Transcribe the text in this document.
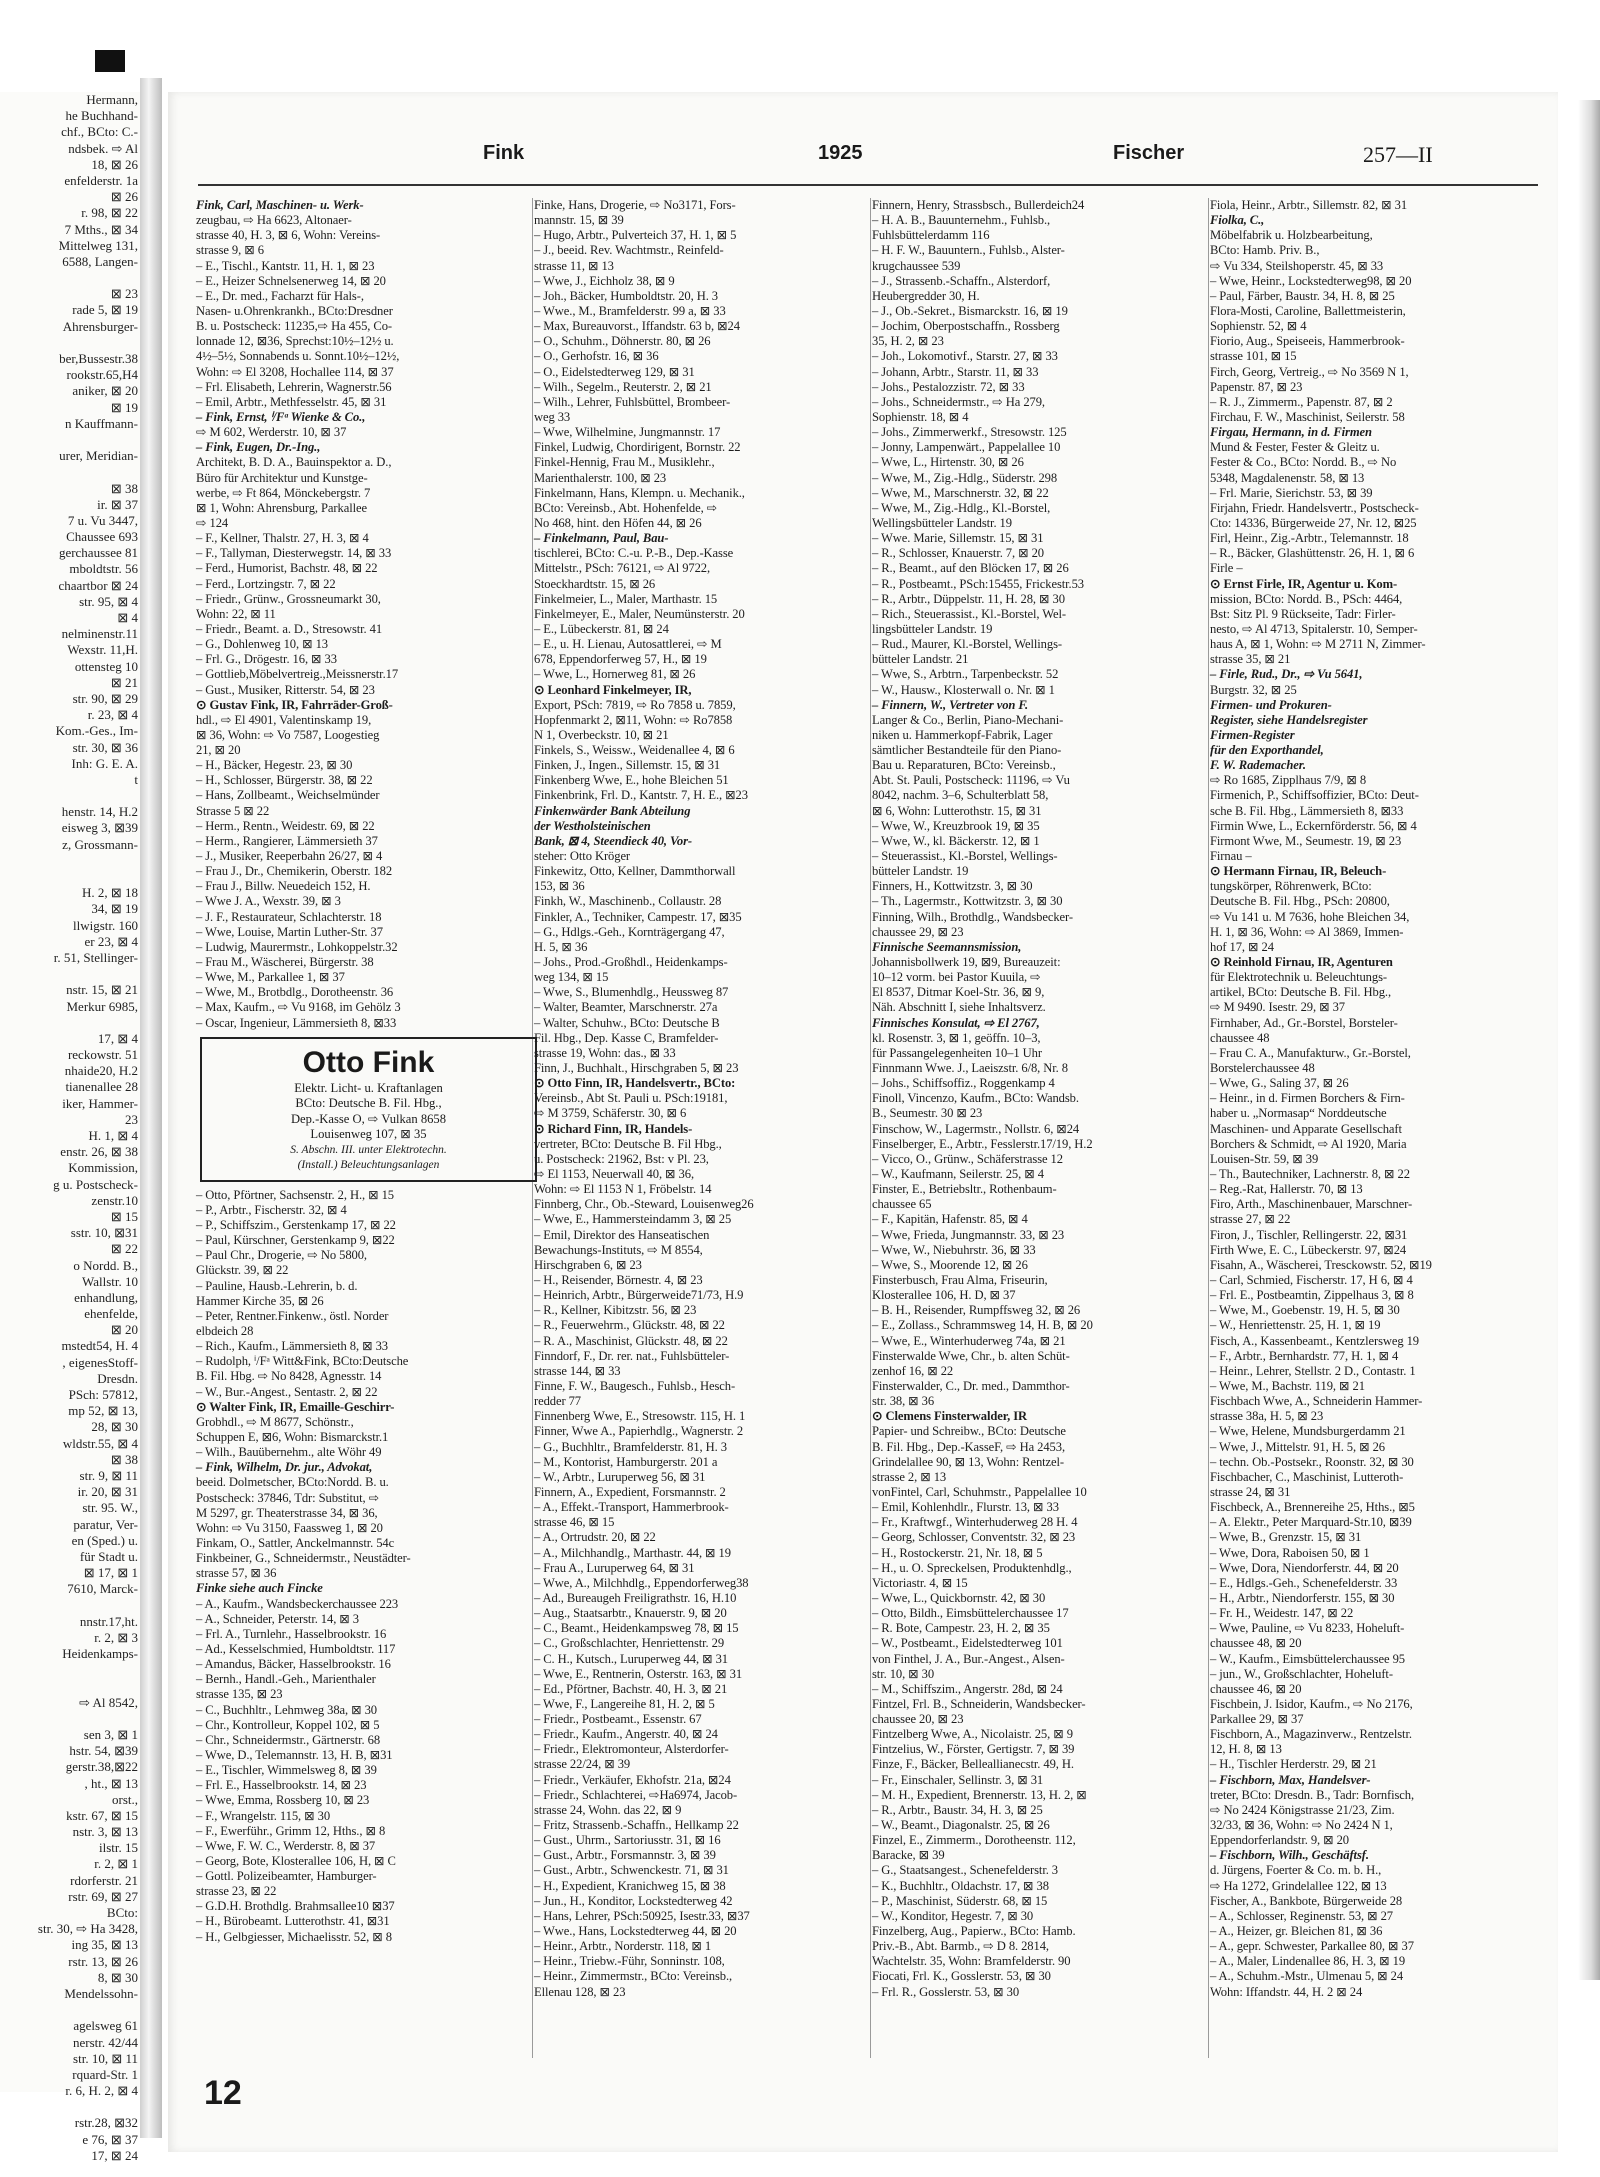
Hermann,
he Buchhand-
chf., BCto: C.-
ndsbek. ⇨ Al
18, ⊠ 26
enfelderstr. 1a
⊠ 26
r. 98, ⊠ 22
7 Mths., ⊠ 34
Mittelweg 131,
6588, Langen-
⊠ 23
rade 5, ⊠ 19
Ahrensburger-
ber,Bussestr.38
rookstr.65,H4
aniker, ⊠ 20
⊠ 19
n Kauffmann-
urer, Meridian-
⊠ 38
ir. ⊠ 37
7 u. Vu 3447,
Chaussee 693
gerchaussee 81
mboldtstr. 56
chaartbor ⊠ 24
str. 95, ⊠ 4
⊠ 4
nelminenstr.11
Wexstr. 11,H.
ottensteg 10
⊠ 21
str. 90, ⊠ 29
r. 23, ⊠ 4
Kom.-Ges., Im-
str. 30, ⊠ 36
Inh: G. E. A.
t
henstr. 14, H.2
eisweg 3, ⊠39
z, Grossmann-
H. 2, ⊠ 18
34, ⊠ 19
llwigstr. 160
er 23, ⊠ 4
r. 51, Stellinger-
nstr. 15, ⊠ 21
Merkur 6985,
17, ⊠ 4
reckowstr. 51
nhaide20, H.2
tianenallee 28
iker, Hammer-
23
H. 1, ⊠ 4
enstr. 26, ⊠ 38
Kommission,
g u. Postscheck-
zenstr.10
⊠ 15
sstr. 10, ⊠31
⊠ 22
o Nordd. B.,
Wallstr. 10
enhandlung,
ehenfelde,
⊠ 20
mstedt54, H. 4
, eigenesStoff-
Dresdn.
PSch: 57812,
mp 52, ⊠ 13,
28, ⊠ 30
wldstr.55, ⊠ 4
⊠ 38
str. 9, ⊠ 11
ir. 20, ⊠ 31
str. 95. W.,
paratur, Ver-
en (Sped.) u.
für Stadt u.
⊠ 17, ⊠ 1
7610, Marck-
nnstr.17,ht.
r. 2, ⊠ 3
Heidenkamps-
⇨ Al 8542,
sen 3, ⊠ 1
hstr. 54, ⊠39
gerstr.38,⊠22
, ht., ⊠ 13
orst.,
kstr. 67, ⊠ 15
nstr. 3, ⊠ 13
ilstr. 15
r. 2, ⊠ 1
rdorferstr. 21
rstr. 69, ⊠ 27
BCto:
str. 30, ⇨ Ha 3428,
ing 35, ⊠ 13
rstr. 13, ⊠ 26
8, ⊠ 30
Mendelssohn-
agelsweg 61
nerstr. 42/44
str. 10, ⊠ 11
rquard-Str. 1
r. 6, H. 2, ⊠ 4
rstr.28, ⊠32
e 76, ⊠ 37
17, ⊠ 24
Fink	1925	Fischer	257—II
Fink, Carl, Maschinen- u. Werk-
zeugbau, ⇨ Ha 6623, Altonaer-
strasse 40, H. 3, ⊠ 6, Wohn: Vereins-
strasse 9, ⊠ 6
– E., Tischl., Kantstr. 11, H. 1, ⊠ 23
– E., Heizer Schnelsenerweg 14, ⊠ 20
– E., Dr. med., Facharzt für Hals-,
Nasen- u.Ohrenkrankh., BCto:Dresdner
B. u. Postscheck: 11235,⇨ Ha 455, Co-
lonnade 12, ⊠36, Sprechst:10½–12½ u.
4½–5½, Sonnabends u. Sonnt.10½–12½,
Wohn: ⇨ El 3208, Hochallee 114, ⊠ 37
– Frl. Elisabeth, Lehrerin, Wagnerstr.56
– Emil, Arbtr., Methfesselstr. 45, ⊠ 31
– Fink, Ernst, ⁱ/Fᵃ Wienke & Co.,
⇨ M 602, Werderstr. 10, ⊠ 37
– Fink, Eugen, Dr.-Ing.,
Architekt, B. D. A., Bauinspektor a. D.,
Büro für Architektur und Kunstge-
werbe, ⇨ Ft 864, Mönckebergstr. 7
⊠ 1, Wohn: Ahrensburg, Parkallee
⇨ 124
– F., Kellner, Thalstr. 27, H. 3, ⊠ 4
– F., Tallyman, Diesterwegstr. 14, ⊠ 33
– Ferd., Humorist, Bachstr. 48, ⊠ 22
– Ferd., Lortzingstr. 7, ⊠ 22
– Friedr., Grünw., Grossneumarkt 30,
Wohn: 22, ⊠ 11
– Friedr., Beamt. a. D., Stresowstr. 41
– G., Dohlenweg 10, ⊠ 13
– Frl. G., Drögestr. 16, ⊠ 33
– Gottlieb,Möbelvertreig.,Meissnerstr.17
– Gust., Musiker, Ritterstr. 54, ⊠ 23
⊙ Gustav Fink, IR, Fahrräder-Groß-
hdl., ⇨ El 4901, Valentinskamp 19,
⊠ 36, Wohn: ⇨ Vo 7587, Loogestieg
21, ⊠ 20
– H., Bäcker, Hegestr. 23, ⊠ 30
– H., Schlosser, Bürgerstr. 38, ⊠ 22
– Hans, Zollbeamt., Weichselmünder
Strasse 5 ⊠ 22
– Herm., Rentn., Weidestr. 69, ⊠ 22
– Herm., Rangierer, Lämmersieth 37
– J., Musiker, Reeperbahn 26/27, ⊠ 4
– Frau J., Dr., Chemikerin, Oberstr. 182
– Frau J., Billw. Neuedeich 152, H.
– Wwe J. A., Wexstr. 39, ⊠ 3
– J. F., Restaurateur, Schlachterstr. 18
– Wwe, Louise, Martin Luther-Str. 37
– Ludwig, Maurermstr., Lohkoppelstr.32
– Frau M., Wäscherei, Bürgerstr. 38
– Wwe, M., Parkallee 1, ⊠ 37
– Wwe, M., Brotbdlg., Dorotheenstr. 36
– Max, Kaufm., ⇨ Vu 9168, im Gehölz 3
– Oscar, Ingenieur, Lämmersieth 8, ⊠33
Otto Fink
Elektr. Licht- u. Kraftanlagen
BCto: Deutsche B. Fil. Hbg.,
Dep.-Kasse O, ⇨ Vulkan 8658
Louisenweg 107, ⊠ 35
S. Abschn. III. unter Elektrotechn.
(Install.) Beleuchtungsanlagen
– Otto, Pförtner, Sachsenstr. 2, H., ⊠ 15
– P., Arbtr., Fischerstr. 32, ⊠ 4
– P., Schiffszim., Gerstenkamp 17, ⊠ 22
– Paul, Kürschner, Gerstenkamp 9, ⊠22
– Paul Chr., Drogerie, ⇨ No 5800,
Glückstr. 39, ⊠ 22
– Pauline, Hausb.-Lehrerin, b. d.
Hammer Kirche 35, ⊠ 26
– Peter, Rentner.Finkenw., östl. Norder
elbdeich 28
– Rich., Kaufm., Lämmersieth 8, ⊠ 33
– Rudolph, ⁱ/Fᵃ Witt&Fink, BCto:Deutsche
B. Fil. Hbg. ⇨ No 8428, Agnesstr. 14
– W., Bur.-Angest., Sentastr. 2, ⊠ 22
⊙ Walter Fink, IR, Emaille-Geschirr-
Grobhdl., ⇨ M 8677, Schönstr.,
Schuppen E, ⊠6, Wohn: Bismarckstr.1
– Wilh., Bauübernehm., alte Wöhr 49
– Fink, Wilhelm, Dr. jur., Advokat,
beeid. Dolmetscher, BCto:Nordd. B. u.
Postscheck: 37846, Tdr: Substitut, ⇨
M 5297, gr. Theaterstrasse 34, ⊠ 36,
Wohn: ⇨ Vu 3150, Faassweg 1, ⊠ 20
Finkam, O., Sattler, Anckelmannstr. 54c
Finkbeiner, G., Schneidermstr., Neustädter-
strasse 57, ⊠ 36
Finke siehe auch Fincke
– A., Kaufm., Wandsbeckerchaussee 223
– A., Schneider, Peterstr. 14, ⊠ 3
– Frl. A., Turnlehr., Hasselbrookstr. 16
– Ad., Kesselschmied, Humboldtstr. 117
– Amandus, Bäcker, Hasselbrookstr. 16
– Bernh., Handl.-Geh., Marienthaler
strasse 135, ⊠ 23
– C., Buchhltr., Lehmweg 38a, ⊠ 30
– Chr., Kontrolleur, Koppel 102, ⊠ 5
– Chr., Schneidermstr., Gärtnerstr. 68
– Wwe, D., Telemannstr. 13, H. B, ⊠31
– E., Tischler, Wimmelsweg 8, ⊠ 39
– Frl. E., Hasselbrookstr. 14, ⊠ 23
– Wwe, Emma, Rossberg 10, ⊠ 23
– F., Wrangelstr. 115, ⊠ 30
– F., Ewerführ., Grimm 12, Hths., ⊠ 8
– Wwe, F. W. C., Werderstr. 8, ⊠ 37
– Georg, Bote, Klosterallee 106, H, ⊠ C
– Gottl. Polizeibeamter, Hamburger-
strasse 23, ⊠ 22
– G.D.H. Brothdlg. Brahmsallee10 ⊠37
– H., Bürobeamt. Lutterothstr. 41, ⊠31
– H., Gelbgiesser, Michaelisstr. 52, ⊠ 8
Finke, Hans, Drogerie, ⇨ No3171, Fors-
mannstr. 15, ⊠ 39
– Hugo, Arbtr., Pulverteich 37, H. 1, ⊠ 5
– J., beeid. Rev. Wachtmstr., Reinfeld-
strasse 11, ⊠ 13
– Wwe, J., Eichholz 38, ⊠ 9
– Joh., Bäcker, Humboldtstr. 20, H. 3
– Wwe., M., Bramfelderstr. 99 a, ⊠ 33
– Max, Bureauvorst., Iffandstr. 63 b, ⊠24
– O., Schuhm., Döhnerstr. 80, ⊠ 26
– O., Gerhofstr. 16, ⊠ 36
– O., Eidelstedterweg 129, ⊠ 31
– Wilh., Segelm., Reuterstr. 2, ⊠ 21
– Wilh., Lehrer, Fuhlsbüttel, Brombeer-
weg 33
– Wwe, Wilhelmine, Jungmannstr. 17
Finkel, Ludwig, Chordirigent, Bornstr. 22
Finkel-Hennig, Frau M., Musiklehr.,
Marienthalerstr. 100, ⊠ 23
Finkelmann, Hans, Klempn. u. Mechanik.,
BCto: Vereinsb., Abt. Hohenfelde, ⇨
No 468, hint. den Höfen 44, ⊠ 26
– Finkelmann, Paul, Bau-
tischlerei, BCto: C.-u. P.-B., Dep.-Kasse
Mittelstr., PSch: 76121, ⇨ Al 9722,
Stoeckhardtstr. 15, ⊠ 26
Finkelmeier, L., Maler, Marthastr. 15
Finkelmeyer, E., Maler, Neumünsterstr. 20
– E., Lübeckerstr. 81, ⊠ 24
– E., u. H. Lienau, Autosattlerei, ⇨ M
678, Eppendorferweg 57, H., ⊠ 19
– Wwe, L., Hornerweg 81, ⊠ 26
⊙ Leonhard Finkelmeyer, IR,
Export, PSch: 7819, ⇨ Ro 7858 u. 7859,
Hopfenmarkt 2, ⊠11, Wohn: ⇨ Ro7858
N 1, Overbeckstr. 10, ⊠ 21
Finkels, S., Weissw., Weidenallee 4, ⊠ 6
Finken, J., Ingen., Sillemstr. 15, ⊠ 31
Finkenberg Wwe, E., hohe Bleichen 51
Finkenbrink, Frl. D., Kantstr. 7, H. E., ⊠23
Finkenwärder Bank Abteilung
der Westholsteinischen
Bank, ⊠ 4, Steendieck 40, Vor-
steher: Otto Kröger
Finkewitz, Otto, Kellner, Dammthorwall
153, ⊠ 36
Finkh, W., Maschinenb., Collaustr. 28
Finkler, A., Techniker, Campestr. 17, ⊠35
– G., Hdlgs.-Geh., Kornträgergang 47,
H. 5, ⊠ 36
– Johs., Prod.-Großhdl., Heidenkamps-
weg 134, ⊠ 15
– Wwe, S., Blumenhdlg., Heussweg 87
– Walter, Beamter, Marschnerstr. 27a
– Walter, Schuhw., BCto: Deutsche B
Fil. Hbg., Dep. Kasse C, Bramfelder-
strasse 19, Wohn: das., ⊠ 33
Finn, J., Buchhalt., Hirschgraben 5, ⊠ 23
⊙ Otto Finn, IR, Handelsvertr., BCto:
Vereinsb., Abt St. Pauli u. PSch:19181,
⇨ M 3759, Schäferstr. 30, ⊠ 6
⊙ Richard Finn, IR, Handels-
vertreter, BCto: Deutsche B. Fil Hbg.,
u. Postscheck: 21962, Bst: v Pl. 23,
⇨ El 1153, Neuerwall 40, ⊠ 36,
Wohn: ⇨ El 1153 N 1, Fröbelstr. 14
Finnberg, Chr., Ob.-Steward, Louisenweg26
– Wwe, E., Hammersteindamm 3, ⊠ 25
– Emil, Direktor des Hanseatischen
Bewachungs-Instituts, ⇨ M 8554,
Hirschgraben 6, ⊠ 23
– H., Reisender, Börnestr. 4, ⊠ 23
– Heinrich, Arbtr., Bürgerweide71/73, H.9
– R., Kellner, Kibitzstr. 56, ⊠ 23
– R., Feuerwehrm., Glückstr. 48, ⊠ 22
– R. A., Maschinist, Glückstr. 48, ⊠ 22
Finndorf, F., Dr. rer. nat., Fuhlsbütteler-
strasse 144, ⊠ 33
Finne, F. W., Baugesch., Fuhlsb., Hesch-
redder 77
Finnenberg Wwe, E., Stresowstr. 115, H. 1
Finner, Wwe A., Papierhdlg., Wagnerstr. 2
– G., Buchhltr., Bramfelderstr. 81, H. 3
– M., Kontorist, Hamburgerstr. 201 a
– W., Arbtr., Luruperweg 56, ⊠ 31
Finnern, A., Expedient, Forsmannstr. 2
– A., Effekt.-Transport, Hammerbrook-
strasse 46, ⊠ 15
– A., Ortrudstr. 20, ⊠ 22
– A., Milchhandlg., Marthastr. 44, ⊠ 19
– Frau A., Luruperweg 64, ⊠ 31
– Wwe, A., Milchhdlg., Eppendorferweg38
– Ad., Bureaugeh Freiligrathstr. 16, H.10
– Aug., Staatsarbtr., Knauerstr. 9, ⊠ 20
– C., Beamt., Heidenkampsweg 78, ⊠ 15
– C., Großschlachter, Henriettenstr. 29
– C. H., Kutsch., Luruperweg 44, ⊠ 31
– Wwe, E., Rentnerin, Osterstr. 163, ⊠ 31
– Ed., Pförtner, Bachstr. 40, H. 3, ⊠ 21
– Wwe, F., Langereihe 81, H. 2, ⊠ 5
– Friedr., Postbeamt., Essenstr. 67
– Friedr., Kaufm., Angerstr. 40, ⊠ 24
– Friedr., Elektromonteur, Alsterdorfer-
strasse 22/24, ⊠ 39
– Friedr., Verkäufer, Ekhofstr. 21a, ⊠24
– Friedr., Schlachterei, ⇨Ha6974, Jacob-
strasse 24, Wohn. das 22, ⊠ 9
– Fritz, Strassenb.-Schaffn., Hellkamp 22
– Gust., Uhrm., Sartoriusstr. 31, ⊠ 16
– Gust., Arbtr., Forsmannstr. 3, ⊠ 39
– Gust., Arbtr., Schwenckestr. 71, ⊠ 31
– H., Expedient, Kranichweg 15, ⊠ 38
– Jun., H., Konditor, Lockstedterweg 42
– Hans, Lehrer, PSch:50925, Isestr.33, ⊠37
– Wwe., Hans, Lockstedterweg 44, ⊠ 20
– Heinr., Arbtr., Norderstr. 118, ⊠ 1
– Heinr., Triebw.-Führ, Sonninstr. 108,
– Heinr., Zimmermstr., BCto: Vereinsb.,
Ellenau 128, ⊠ 23
Finnern, Henry, Strassbsch., Bullerdeich24
– H. A. B., Bauunternehm., Fuhlsb.,
Fuhlsbüttelerdamm 116
– H. F. W., Bauuntern., Fuhlsb., Alster-
krugchaussee 539
– J., Strassenb.-Schaffn., Alsterdorf,
Heubergredder 30, H.
– J., Ob.-Sekret., Bismarckstr. 16, ⊠ 19
– Jochim, Oberpostschaffn., Rossberg
35, H. 2, ⊠ 23
– Joh., Lokomotivf., Starstr. 27, ⊠ 33
– Johann, Arbtr., Starstr. 11, ⊠ 33
– Johs., Pestalozzistr. 72, ⊠ 33
– Johs., Schneidermstr., ⇨ Ha 279,
Sophienstr. 18, ⊠ 4
– Johs., Zimmerwerkf., Stresowstr. 125
– Jonny, Lampenwärt., Pappelallee 10
– Wwe, L., Hirtenstr. 30, ⊠ 26
– Wwe, M., Zig.-Hdlg., Süderstr. 298
– Wwe, M., Marschnerstr. 32, ⊠ 22
– Wwe, M., Zig.-Hdlg., Kl.-Borstel,
Wellingsbütteler Landstr. 19
– Wwe. Marie, Sillemstr. 15, ⊠ 31
– R., Schlosser, Knauerstr. 7, ⊠ 20
– R., Beamt., auf den Blöcken 17, ⊠ 26
– R., Postbeamt., PSch:15455, Frickestr.53
– R., Arbtr., Düppelstr. 11, H. 28, ⊠ 30
– Rich., Steuerassist., Kl.-Borstel, Wel-
lingsbütteler Landstr. 19
– Rud., Maurer, Kl.-Borstel, Wellings-
bütteler Landstr. 21
– Wwe, S., Arbtrn., Tarpenbeckstr. 52
– W., Hausw., Klosterwall o. Nr. ⊠ 1
– Finnern, W., Vertreter von F.
Langer & Co., Berlin, Piano-Mechani-
niken u. Hammerkopf-Fabrik, Lager
sämtlicher Bestandteile für den Piano-
Bau u. Reparaturen, BCto: Vereinsb.,
Abt. St. Pauli, Postscheck: 11196, ⇨ Vu
8042, nachm. 3–6, Schulterblatt 58,
⊠ 6, Wohn: Lutterothstr. 15, ⊠ 31
– Wwe, W., Kreuzbrook 19, ⊠ 35
– Wwe, W., kl. Bäckerstr. 12, ⊠ 1
– Steuerassist., Kl.-Borstel, Wellings-
bütteler Landstr. 19
Finners, H., Kottwitzstr. 3, ⊠ 30
– Th., Lagermstr., Kottwitzstr. 3, ⊠ 30
Finning, Wilh., Brothdlg., Wandsbecker-
chaussee 29, ⊠ 23
Finnische Seemannsmission,
Johannisbollwerk 19, ⊠9, Bureauzeit:
10–12 vorm. bei Pastor Kuuila, ⇨
El 8537, Ditmar Koel-Str. 36, ⊠ 9,
Näh. Abschnitt I, siehe Inhaltsverz.
Finnisches Konsulat, ⇨ El 2767,
kl. Rosenstr. 3, ⊠ 1, geöffn. 10–3,
für Passangelegenheiten 10–1 Uhr
Finnmann Wwe. J., Laeiszstr. 6/8, Nr. 8
– Johs., Schiffsoffiz., Roggenkamp 4
Finoll, Vincenzo, Kaufm., BCto: Wandsb.
B., Seumestr. 30 ⊠ 23
Finschow, W., Lagermstr., Nollstr. 6, ⊠24
Finselberger, E., Arbtr., Fesslerstr.17/19, H.2
– Vicco, O., Grünw., Schäferstrasse 12
– W., Kaufmann, Seilerstr. 25, ⊠ 4
Finster, E., Betriebsltr., Rothenbaum-
chaussee 65
– F., Kapitän, Hafenstr. 85, ⊠ 4
– Wwe, Frieda, Jungmannstr. 33, ⊠ 23
– Wwe, W., Niebuhrstr. 36, ⊠ 33
– Wwe, S., Moorende 12, ⊠ 26
Finsterbusch, Frau Alma, Friseurin,
Klosterallee 106, H. D, ⊠ 37
– B. H., Reisender, Rumpffsweg 32, ⊠ 26
– E., Zollass., Schrammsweg 14, H. B, ⊠ 20
– Wwe, E., Winterhuderweg 74a, ⊠ 21
Finsterwalde Wwe, Chr., b. alten Schüt-
zenhof 16, ⊠ 22
Finsterwalder, C., Dr. med., Dammthor-
str. 38, ⊠ 36
⊙ Clemens Finsterwalder, IR
Papier- und Schreibw., BCto: Deutsche
B. Fil. Hbg., Dep.-KasseF, ⇨ Ha 2453,
Grindelallee 90, ⊠ 13, Wohn: Rentzel-
strasse 2, ⊠ 13
vonFintel, Carl, Schuhmstr., Pappelallee 10
– Emil, Kohlenhdlr., Flurstr. 13, ⊠ 33
– Fr., Kraftwgf., Winterhuderweg 28 H. 4
– Georg, Schlosser, Conventstr. 32, ⊠ 23
– H., Rostockerstr. 21, Nr. 18, ⊠ 5
– H., u. O. Spreckelsen, Produktenhdlg.,
Victoriastr. 4, ⊠ 15
– Wwe, L., Quickbornstr. 42, ⊠ 30
– Otto, Bildh., Eimsbüttelerchaussee 17
– R. Bote, Campestr. 23, H. 2, ⊠ 35
– W., Postbeamt., Eidelstedterweg 101
von Finthel, J. A., Bur.-Angest., Alsen-
str. 10, ⊠ 30
– M., Schiffszim., Angerstr. 28d, ⊠ 24
Fintzel, Frl. B., Schneiderin, Wandsbecker-
chaussee 20, ⊠ 23
Fintzelberg Wwe, A., Nicolaistr. 25, ⊠ 9
Fintzelius, W., Förster, Gertigstr. 7, ⊠ 39
Finze, F., Bäcker, Belleallianecstr. 49, H.
– Fr., Einschaler, Sellinstr. 3, ⊠ 31
– M. H., Expedient, Brennerstr. 13, H. 2, ⊠
– R., Arbtr., Baustr. 34, H. 3, ⊠ 25
– W., Beamt., Diagonalstr. 25, ⊠ 26
Finzel, E., Zimmerm., Dorotheenstr. 112,
Baracke, ⊠ 39
– G., Staatsangest., Schenefelderstr. 3
– K., Buchhltr., Oldachstr. 17, ⊠ 38
– P., Maschinist, Süderstr. 68, ⊠ 15
– W., Konditor, Hegestr. 7, ⊠ 30
Finzelberg, Aug., Papierw., BCto: Hamb.
Priv.-B., Abt. Barmb., ⇨ D 8. 2814,
Wachtelstr. 35, Wohn: Bramfelderstr. 90
Fiocati, Frl. K., Gosslerstr. 53, ⊠ 30
– Frl. R., Gosslerstr. 53, ⊠ 30
Fiola, Heinr., Arbtr., Sillemstr. 82, ⊠ 31
Fiolka, C.,
Möbelfabrik u. Holzbearbeitung,
BCto: Hamb. Priv. B.,
⇨ Vu 334, Steilshoperstr. 45, ⊠ 33
– Wwe, Heinr., Lockstedterweg98, ⊠ 20
– Paul, Färber, Baustr. 34, H. 8, ⊠ 25
Flora-Mosti, Caroline, Ballettmeisterin,
Sophienstr. 52, ⊠ 4
Fiorio, Aug., Speiseeis, Hammerbrook-
strasse 101, ⊠ 15
Firch, Georg, Vertreig., ⇨ No 3569 N 1,
Papenstr. 87, ⊠ 23
– R. J., Zimmerm., Papenstr. 87, ⊠ 2
Firchau, F. W., Maschinist, Seilerstr. 58
Firgau, Hermann, in d. Firmen
Mund & Fester, Fester & Gleitz u.
Fester & Co., BCto: Nordd. B., ⇨ No
5348, Magdalenenstr. 58, ⊠ 13
– Frl. Marie, Sierichstr. 53, ⊠ 39
Firjahn, Friedr. Handelsvertr., Postscheck-
Cto: 14336, Bürgerweide 27, Nr. 12, ⊠25
Firl, Heinr., Zig.-Arbtr., Telemannstr. 18
– R., Bäcker, Glashüttenstr. 26, H. 1, ⊠ 6
Firle –
⊙ Ernst Firle, IR, Agentur u. Kom-
mission, BCto: Nordd. B., PSch: 4464,
Bst: Sitz Pl. 9 Rückseite, Tadr: Firler-
nesto, ⇨ Al 4713, Spitalerstr. 10, Semper-
haus A, ⊠ 1, Wohn: ⇨ M 2711 N, Zimmer-
strasse 35, ⊠ 21
– Firle, Rud., Dr., ⇨ Vu 5641,
Burgstr. 32, ⊠ 25
Firmen- und Prokuren-
Register, siehe Handelsregister
Firmen-Register
für den Exporthandel,
F. W. Rademacher.
⇨ Ro 1685, Zipplhaus 7/9, ⊠ 8
Firmenich, P., Schiffsoffizier, BCto: Deut-
sche B. Fil. Hbg., Lämmersieth 8, ⊠33
Firmin Wwe, L., Eckernförderstr. 56, ⊠ 4
Firmont Wwe, M., Seumestr. 19, ⊠ 23
Firnau –
⊙ Hermann Firnau, IR, Beleuch-
tungskörper, Röhrenwerk, BCto:
Deutsche B. Fil. Hbg., PSch: 20800,
⇨ Vu 141 u. M 7636, hohe Bleichen 34,
H. 1, ⊠ 36, Wohn: ⇨ Al 3869, Immen-
hof 17, ⊠ 24
⊙ Reinhold Firnau, IR, Agenturen
für Elektrotechnik u. Beleuchtungs-
artikel, BCto: Deutsche B. Fil. Hbg.,
⇨ M 9490. Isestr. 29, ⊠ 37
Firnhaber, Ad., Gr.-Borstel, Borsteler-
chaussee 48
– Frau C. A., Manufakturw., Gr.-Borstel,
Borstelerchaussee 48
– Wwe, G., Saling 37, ⊠ 26
– Heinr., in d. Firmen Borchers & Firn-
haber u. „Normasap“ Norddeutsche
Maschinen- und Apparate Gesellschaft
Borchers & Schmidt, ⇨ Al 1920, Maria
Louisen-Str. 59, ⊠ 39
– Th., Bautechniker, Lachnerstr. 8, ⊠ 22
– Reg.-Rat, Hallerstr. 70, ⊠ 13
Firo, Arth., Maschinenbauer, Marschner-
strasse 27, ⊠ 22
Firon, J., Tischler, Rellingerstr. 22, ⊠31
Firth Wwe, E. C., Lübeckerstr. 97, ⊠24
Fisahn, A., Wäscherei, Tresckowstr. 52, ⊠19
– Carl, Schmied, Fischerstr. 17, H 6, ⊠ 4
– Frl. E., Postbeamtin, Zippelhaus 3, ⊠ 8
– Wwe, M., Goebenstr. 19, H. 5, ⊠ 30
– W., Henriettenstr. 25, H. 1, ⊠ 19
Fisch, A., Kassenbeamt., Kentzlersweg 19
– F., Arbtr., Bernhardstr. 77, H. 1, ⊠ 4
– Heinr., Lehrer, Stellstr. 2 D., Contastr. 1
– Wwe, M., Bachstr. 119, ⊠ 21
Fischbach Wwe, A., Schneiderin Hammer-
strasse 38a, H. 5, ⊠ 23
– Wwe, Helene, Mundsburgerdamm 21
– Wwe, J., Mittelstr. 91, H. 5, ⊠ 26
– techn. Ob.-Postsekr., Roonstr. 32, ⊠ 30
Fischbacher, C., Maschinist, Lutteroth-
strasse 24, ⊠ 31
Fischbeck, A., Brennereihe 25, Hths., ⊠5
– A. Elektr., Peter Marquard-Str.10, ⊠39
– Wwe, B., Grenzstr. 15, ⊠ 31
– Wwe, Dora, Raboisen 50, ⊠ 1
– Wwe, Dora, Niendorferstr. 44, ⊠ 20
– E., Hdlgs.-Geh., Schenefelderstr. 33
– H., Arbtr., Niendorferstr. 155, ⊠ 30
– Fr. H., Weidestr. 147, ⊠ 22
– Wwe, Pauline, ⇨ Vu 8233, Hoheluft-
chaussee 48, ⊠ 20
– W., Kaufm., Eimsbüttelerchaussee 95
– jun., W., Großschlachter, Hoheluft-
chaussee 46, ⊠ 20
Fischbein, J. Isidor, Kaufm., ⇨ No 2176,
Parkallee 29, ⊠ 37
Fischborn, A., Magazinverw., Rentzelstr.
12, H. 8, ⊠ 13
– H., Tischler Herderstr. 29, ⊠ 21
– Fischborn, Max, Handelsver-
treter, BCto: Dresdn. B., Tadr: Bornfisch,
⇨ No 2424 Königstrasse 21/23, Zim.
32/33, ⊠ 36, Wohn: ⇨ No 2424 N 1,
Eppendorferlandstr. 9, ⊠ 20
– Fischborn, Wilh., Geschäftsf.
d. Jürgens, Foerter & Co. m. b. H.,
⇨ Ha 1272, Grindelallee 122, ⊠ 13
Fischer, A., Bankbote, Bürgerweide 28
– A., Schlosser, Reginenstr. 53, ⊠ 27
– A., Heizer, gr. Bleichen 81, ⊠ 36
– A., gepr. Schwester, Parkallee 80, ⊠ 37
– A., Maler, Lindenallee 86, H. 3, ⊠ 19
– A., Schuhm.-Mstr., Ulmenau 5, ⊠ 24
Wohn: Iffandstr. 44, H. 2 ⊠ 24
12
